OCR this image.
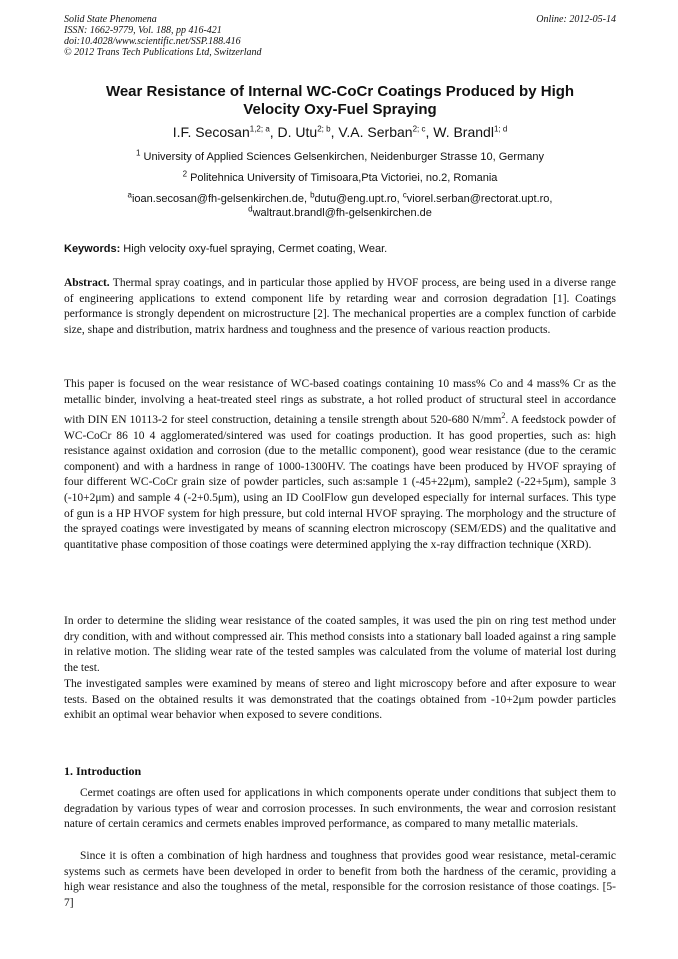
Solid State Phenomena
ISSN: 1662-9779, Vol. 188, pp 416-421
doi:10.4028/www.scientific.net/SSP.188.416
© 2012 Trans Tech Publications Ltd, Switzerland
Online: 2012-05-14
Wear Resistance of Internal WC-CoCr Coatings Produced by High
Velocity Oxy-Fuel Spraying
I.F. Secosan$^{1,2; a}$, D. Utu$^{2; b}$, V.A. Serban$^{2; c}$, W. Brandl$^{1; d}$
$^1$ University of Applied Sciences Gelsenkirchen, Neidenburger Strasse 10, Germany
$^2$ Politehnica University of Timisoara,Pta Victoriei, no.2, Romania
$^a$ioan.secosan@fh-gelsenkirchen.de, $^b$dutu@eng.upt.ro, $^c$viorel.serban@rectorat.upt.ro,
$^d$waltraut.brandl@fh-gelsenkirchen.de
Keywords: High velocity oxy-fuel spraying, Cermet coating, Wear.
Abstract. Thermal spray coatings, and in particular those applied by HVOF process, are being used in a diverse range of engineering applications to extend component life by retarding wear and corrosion degradation [1]. Coatings performance is strongly dependent on microstructure [2]. The mechanical properties are a complex function of carbide size, shape and distribution, matrix hardness and toughness and the presence of various reaction products.
This paper is focused on the wear resistance of WC-based coatings containing 10 mass% Co and 4 mass% Cr as the metallic binder, involving a heat-treated steel rings as substrate, a hot rolled product of structural steel in accordance with DIN EN 10113-2 for steel construction, detaining a tensile strength about 520-680 $N/mm^2$. A feedstock powder of WC-CoCr 86 10 4 agglomerated/sintered was used for coatings production. It has good properties, such as: high resistance against oxidation and corrosion (due to the metallic component), good wear resistance (due to the ceramic component) and with a hardness in range of 1000-1300HV. The coatings have been produced by HVOF spraying of four different WC-CoCr grain size of powder particles, such as:sample 1 (-45+22μm), sample2 (-22+5μm), sample 3 (-10+2μm) and sample 4 (-2+0.5μm), using an ID CoolFlow gun developed especially for internal surfaces. This type of gun is a HP HVOF system for high pressure, but cold internal HVOF spraying. The morphology and the structure of the sprayed coatings were investigated by means of scanning electron microscopy (SEM/EDS) and the qualitative and quantitative phase composition of those coatings were determined applying the x-ray diffraction technique (XRD).
In order to determine the sliding wear resistance of the coated samples, it was used the pin on ring test method under dry condition, with and without compressed air. This method consists into a stationary ball loaded against a ring sample in relative motion. The sliding wear rate of the tested samples was calculated from the volume of material lost during the test.
The investigated samples were examined by means of stereo and light microscopy before and after exposure to wear tests. Based on the obtained results it was demonstrated that the coatings obtained from -10+2μm powder particles exhibit an optimal wear behavior when exposed to severe conditions.
1. Introduction
Cermet coatings are often used for applications in which components operate under conditions that subject them to degradation by various types of wear and corrosion processes. In such environments, the wear and corrosion resistant nature of certain ceramics and cermets enables improved performance, as compared to many metallic materials.
Since it is often a combination of high hardness and toughness that provides good wear resistance, metal-ceramic systems such as cermets have been developed in order to benefit from both the hardness of the ceramic, providing a high wear resistance and also the toughness of the metal, responsible for the corrosion resistance of those coatings. [5-7]
